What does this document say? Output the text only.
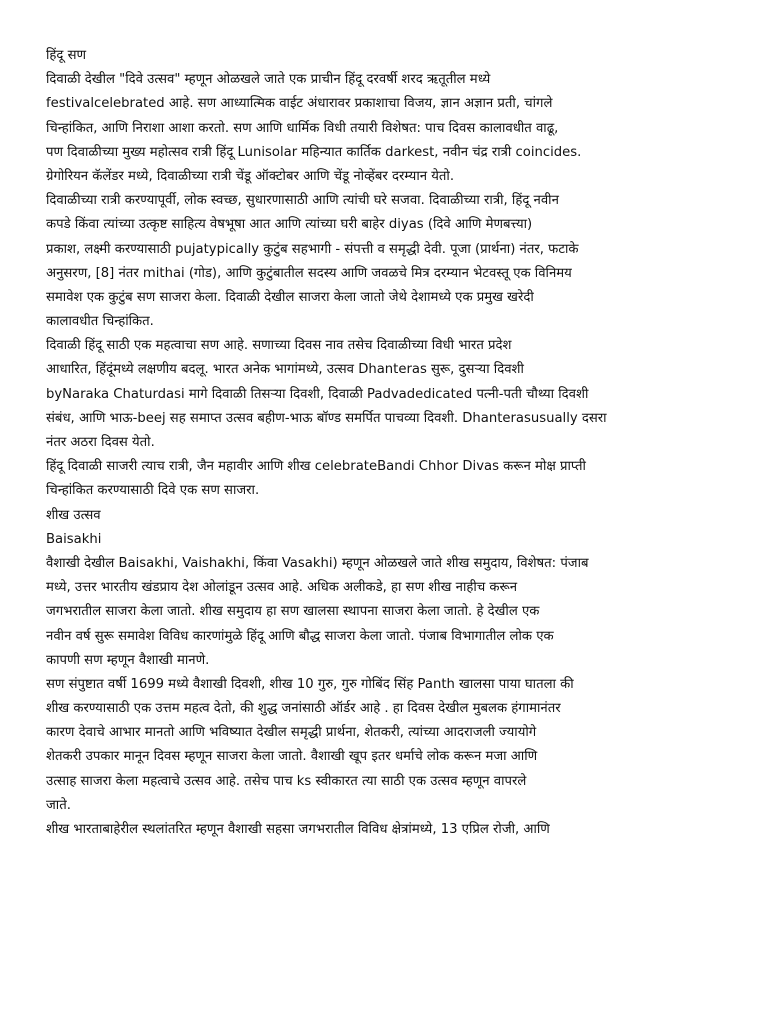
हिंदू सण
दिवाळी देखील "दिवे उत्सव" म्हणून ओळखले जाते एक प्राचीन हिंदू दरवर्षी शरद ऋतूतील मध्ये
festivalcelebrated आहे. सण आध्यात्मिक वाईट अंधारावर प्रकाशाचा विजय, ज्ञान अज्ञान प्रती, चांगले
चिन्हांकित, आणि निराशा आशा करतो. सण आणि धार्मिक विधी तयारी विशेषत: पाच दिवस कालावधीत वाढू,
पण दिवाळीच्या मुख्य महोत्सव रात्री हिंदू Lunisolar महिन्यात कार्तिक darkest, नवीन चंद्र रात्री coincides.
ग्रेगोरियन कॅलेंडर मध्ये, दिवाळीच्या रात्री चेंडू ऑक्टोबर आणि चेंडू नोव्हेंबर दरम्यान येतो.
दिवाळीच्या रात्री करण्यापूर्वी, लोक स्वच्छ, सुधारणासाठी आणि त्यांची घरे सजवा. दिवाळीच्या रात्री, हिंदू नवीन
कपडे किंवा त्यांच्या उत्कृष्ट साहित्य वेषभूषा आत आणि त्यांच्या घरी बाहेर diyas (दिवे आणि मेणबत्त्या)
प्रकाश, लक्ष्मी करण्यासाठी pujatypically कुटुंब सहभागी - संपत्ती व समृद्धी देवी. पूजा (प्रार्थना) नंतर, फटाके
अनुसरण, [8] नंतर mithai (गोड), आणि कुटुंबातील सदस्य आणि जवळचे मित्र दरम्यान भेटवस्तू एक विनिमय
समावेश एक कुटुंब सण साजरा केला. दिवाळी देखील साजरा केला जातो जेथे देशामध्ये एक प्रमुख खरेदी
कालावधीत चिन्हांकित.
दिवाळी हिंदू साठी एक महत्वाचा सण आहे. सणाच्या दिवस नाव तसेच दिवाळीच्या विधी भारत प्रदेश
आधारित, हिंदूंमध्ये लक्षणीय बदलू. भारत अनेक भागांमध्ये, उत्सव Dhanteras सुरू, दुसऱ्या दिवशी
byNaraka Chaturdasi मागे दिवाळी तिसऱ्या दिवशी, दिवाळी Padvadedicated पत्नी-पती चौथ्या दिवशी
संबंध, आणि भाऊ-beej सह समाप्त उत्सव बहीण-भाऊ बॉण्ड समर्पित पाचव्या दिवशी. Dhanterasusually दसरा
नंतर अठरा दिवस येतो.
हिंदू दिवाळी साजरी त्याच रात्री, जैन महावीर आणि शीख celebrateBandi Chhor Divas करून मोक्ष प्राप्ती
चिन्हांकित करण्यासाठी दिवे एक सण साजरा.
शीख उत्सव
Baisakhi
वैशाखी देखील Baisakhi, Vaishakhi, किंवा Vasakhi) म्हणून ओळखले जाते शीख समुदाय, विशेषत: पंजाब
मध्ये, उत्तर भारतीय खंडप्राय देश ओलांडून उत्सव आहे. अधिक अलीकडे, हा सण शीख नाहीच करून
जगभरातील साजरा केला जातो. शीख समुदाय हा सण खालसा स्थापना साजरा केला जातो. हे देखील एक
नवीन वर्ष सुरू समावेश विविध कारणांमुळे हिंदू आणि बौद्ध साजरा केला जातो. पंजाब विभागातील लोक एक
कापणी सण म्हणून वैशाखी मानणे.
सण संपुष्टात वर्षी 1699 मध्ये वैशाखी दिवशी, शीख 10 गुरु, गुरु गोबिंद सिंह Panth खालसा पाया घातला की
शीख करण्यासाठी एक उत्तम महत्व देतो, की शुद्ध जनांसाठी ऑर्डर आहे . हा दिवस देखील मुबलक हंगामानंतर
कारण देवाचे आभार मानतो आणि भविष्यात देखील समृद्धी प्रार्थना, शेतकरी, त्यांच्या आदराजली ज्यायोगे
शेतकरी उपकार मानून दिवस म्हणून साजरा केला जातो. वैशाखी खूप इतर धर्माचे लोक करून मजा आणि
उत्साह साजरा केला महत्वाचे उत्सव आहे. तसेच पाच ks स्वीकारत त्या साठी एक उत्सव म्हणून वापरले
जाते.
शीख भारताबाहेरील स्थलांतरित म्हणून वैशाखी सहसा जगभरातील विविध क्षेत्रांमध्ये, 13 एप्रिल रोजी, आणि
